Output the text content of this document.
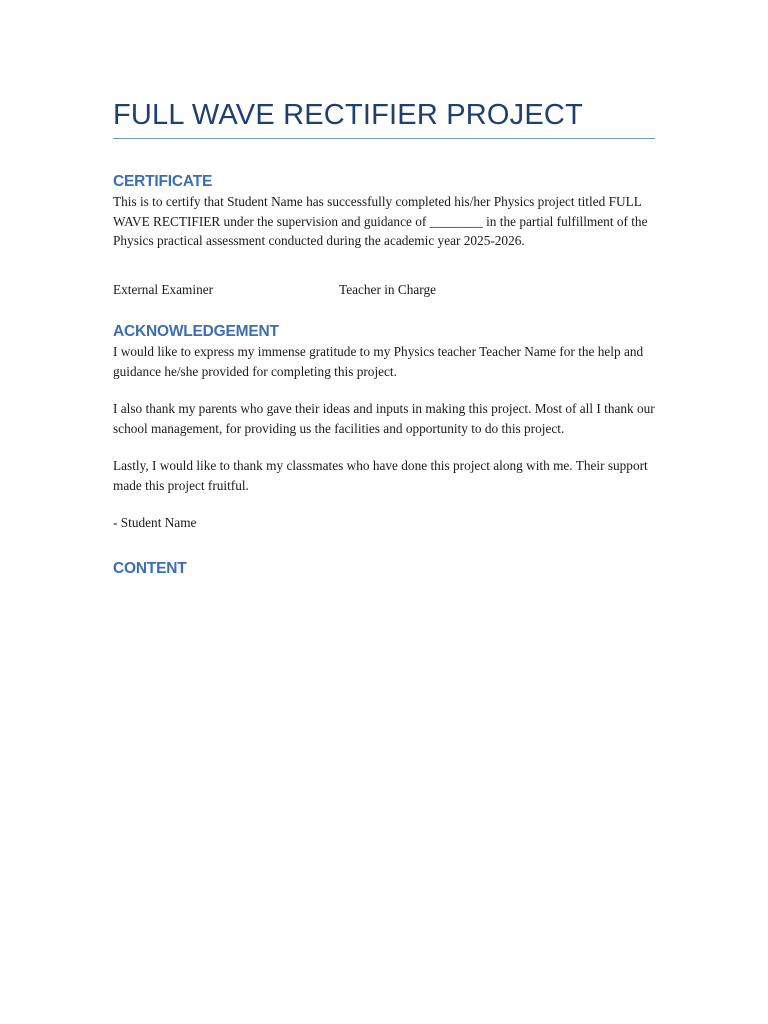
FULL WAVE RECTIFIER PROJECT
CERTIFICATE

This is to certify that Student Name has successfully completed his/her Physics project titled FULL WAVE RECTIFIER under the supervision and guidance of ________ in the partial fulfillment of the Physics practical assessment conducted during the academic year 2025-2026.

External Examiner	Teacher in Charge
ACKNOWLEDGEMENT

I would like to express my immense gratitude to my Physics teacher Teacher Name for the help and guidance he/she provided for completing this project.

I also thank my parents who gave their ideas and inputs in making this project. Most of all I thank our school management, for providing us the facilities and opportunity to do this project.

Lastly, I would like to thank my classmates who have done this project along with me. Their support made this project fruitful.

- Student Name

CONTENT
